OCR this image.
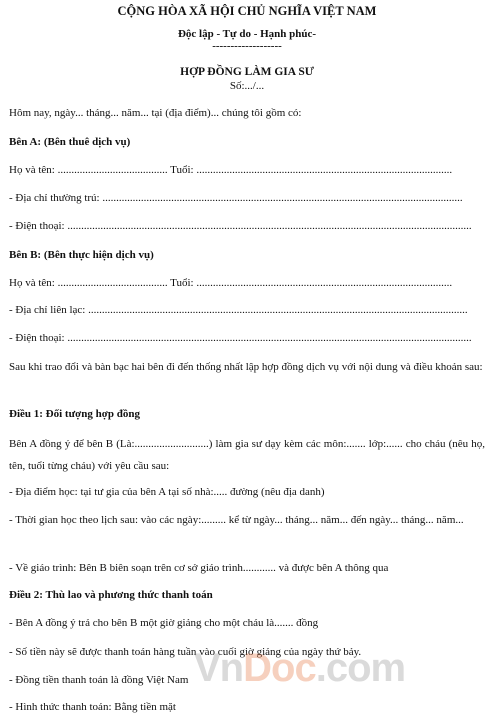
CỘNG HÒA XÃ HỘI CHỦ NGHĨA VIỆT NAM
Độc lập - Tự do - Hạnh phúc-
-------------------
HỢP ĐỒNG LÀM GIA SƯ
Số:.../...
Hôm nay, ngày... tháng... năm... tại (địa điểm)... chúng tôi gồm có:
Bên A: (Bên thuê dịch vụ)
Họ và tên: ........................................ Tuổi: .............................................................................................
- Địa chỉ thường trú: ...................................................................................................................................
- Điện thoại: ...................................................................................................................................................
Bên B: (Bên thực hiện dịch vụ)
Họ và tên: ........................................ Tuổi: .............................................................................................
- Địa chỉ liên lạc: ..........................................................................................................................................
- Điện thoại: ...................................................................................................................................................
Sau khi trao đổi và bàn bạc hai bên đi đến thống nhất lập hợp đồng dịch vụ với nội dung và điều khoản sau:
Điều 1: Đối tượng hợp đồng
Bên A đồng ý để bên B (Là:...........................) làm gia sư dạy kèm các môn:....... lớp:...... cho cháu (nêu họ, tên, tuổi từng cháu) với yêu cầu sau:
- Địa điểm học: tại tư gia của bên A tại số nhà:..... đường (nêu địa danh)
- Thời gian học theo lịch sau: vào các ngày:......... kể từ ngày... tháng... năm... đến ngày... tháng... năm...
- Về giáo trình: Bên B biên soạn trên cơ sở giáo trình............ và được bên A thông qua
Điều 2: Thù lao và phương thức thanh toán
- Bên A đồng ý trả cho bên B một giờ giảng cho một cháu là....... đồng
- Số tiền này sẽ được thanh toán hàng tuần vào cuối giờ giảng của ngày thứ bảy.
- Đồng tiền thanh toán là đồng Việt Nam
- Hình thức thanh toán: Bằng tiền mặt
VnDoc.com
